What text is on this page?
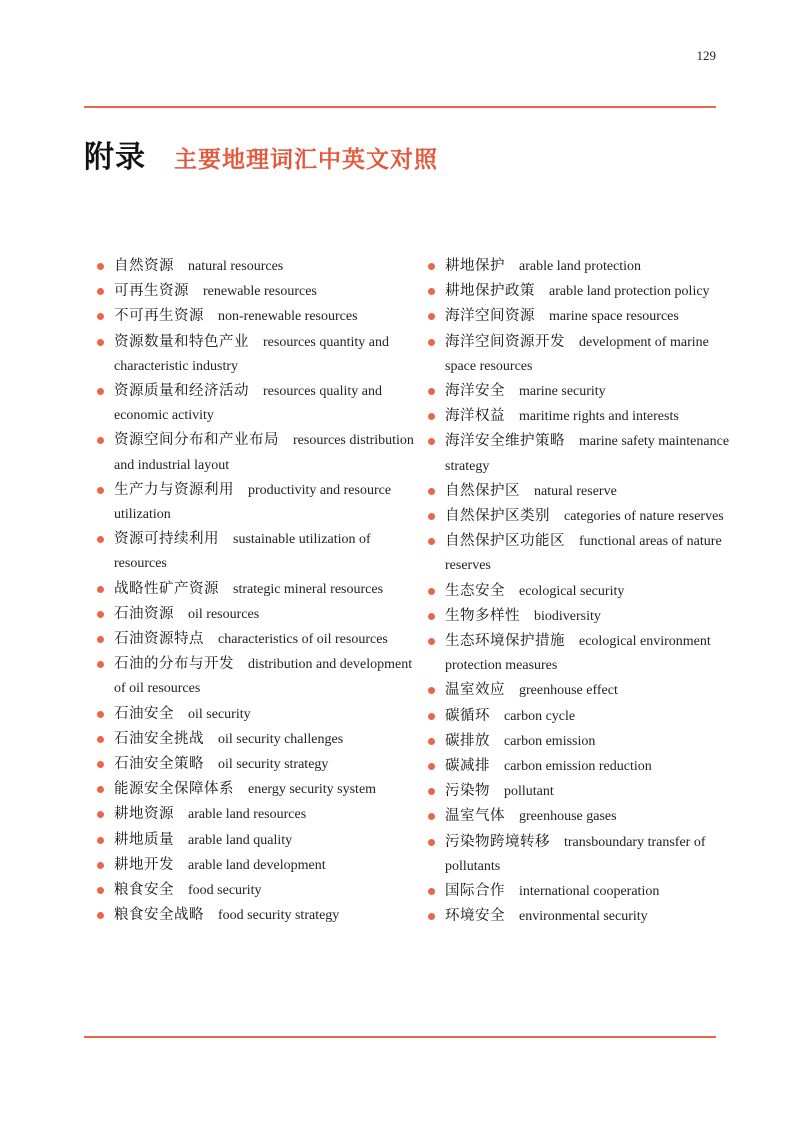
129
附录 主要地理词汇中英文对照
自然资源 natural resources
可再生资源 renewable resources
不可再生资源 non-renewable resources
资源数量和特色产业 resources quantity and characteristic industry
资源质量和经济活动 resources quality and economic activity
资源空间分布和产业布局 resources distribution and industrial layout
生产力与资源利用 productivity and resource utilization
资源可持续利用 sustainable utilization of resources
战略性矿产资源 strategic mineral resources
石油资源 oil resources
石油资源特点 characteristics of oil resources
石油的分布与开发 distribution and development of oil resources
石油安全 oil security
石油安全挑战 oil security challenges
石油安全策略 oil security strategy
能源安全保障体系 energy security system
耕地资源 arable land resources
耕地质量 arable land quality
耕地开发 arable land development
粮食安全 food security
粮食安全战略 food security strategy
耕地保护 arable land protection
耕地保护政策 arable land protection policy
海洋空间资源 marine space resources
海洋空间资源开发 development of marine space resources
海洋安全 marine security
海洋权益 maritime rights and interests
海洋安全维护策略 marine safety maintenance strategy
自然保护区 natural reserve
自然保护区类别 categories of nature reserves
自然保护区功能区 functional areas of nature reserves
生态安全 ecological security
生物多样性 biodiversity
生态环境保护措施 ecological environment protection measures
温室效应 greenhouse effect
碳循环 carbon cycle
碳排放 carbon emission
碳减排 carbon emission reduction
污染物 pollutant
温室气体 greenhouse gases
污染物跨境转移 transboundary transfer of pollutants
国际合作 international cooperation
环境安全 environmental security
